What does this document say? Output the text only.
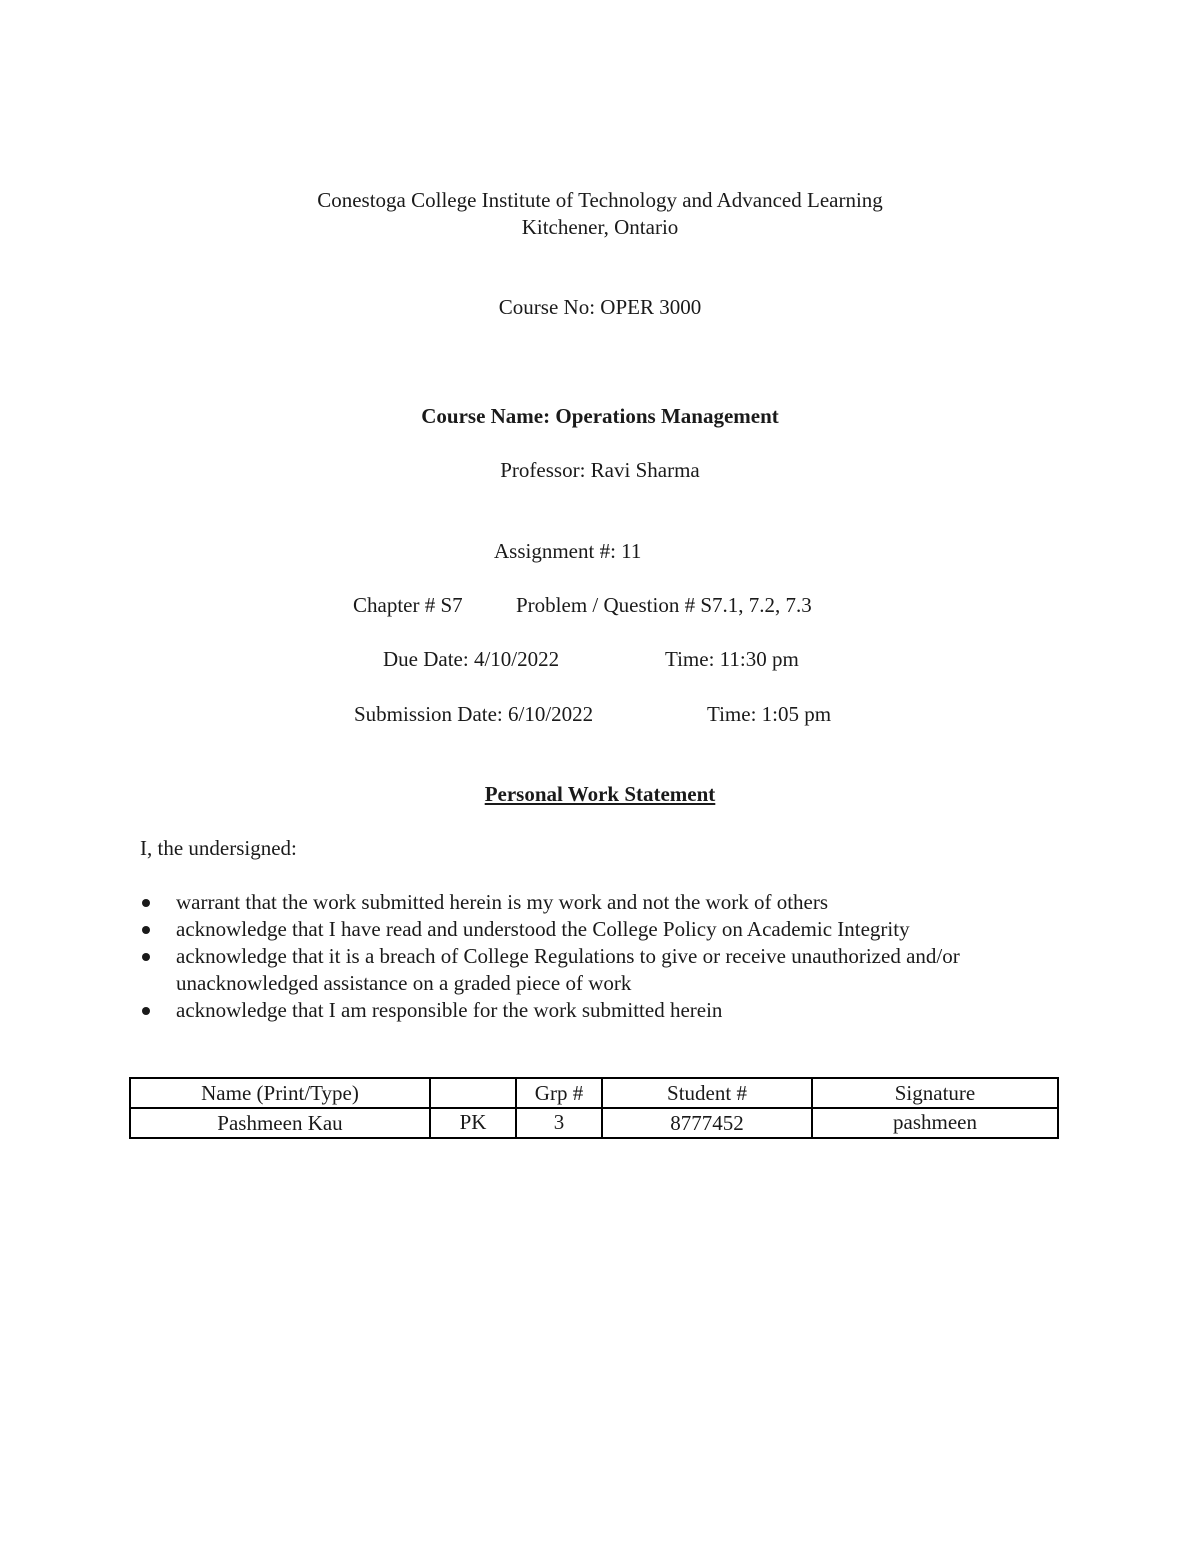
Conestoga College Institute of Technology and Advanced Learning
Kitchener, Ontario
Course No: OPER 3000
Course Name: Operations Management
Professor: Ravi Sharma
Assignment #: 11
Chapter # S7	Problem / Question # S7.1, 7.2, 7.3
Due Date: 4/10/2022	Time: 11:30 pm
Submission Date: 6/10/2022	Time: 1:05 pm
Personal Work Statement
I, the undersigned:
warrant that the work submitted herein is my work and not the work of others
acknowledge that I have read and understood the College Policy on Academic Integrity
acknowledge that it is a breach of College Regulations to give or receive unauthorized and/or unacknowledged assistance on a graded piece of work
acknowledge that I am responsible for the work submitted herein
Name (Print/Type)		Grp #	Student #	Signature
Pashmeen Kau	PK	3	8777452	pashmeen
